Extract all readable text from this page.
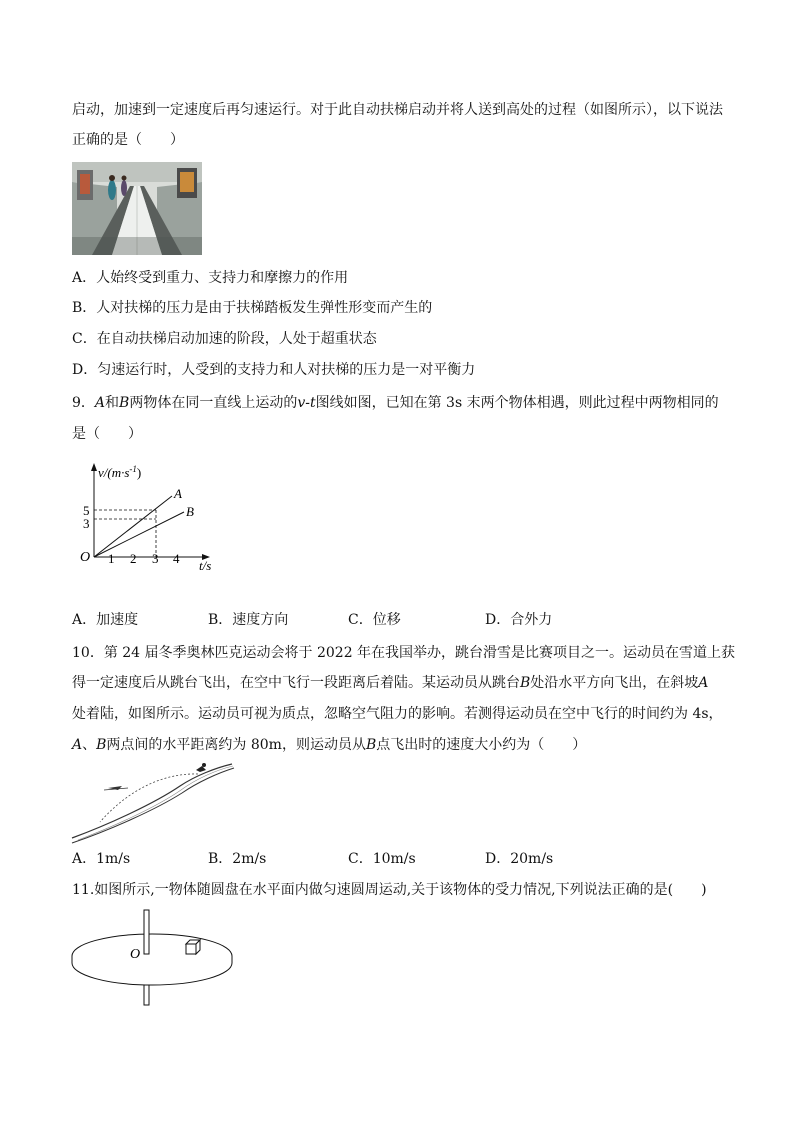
启动，加速到一定速度后再匀速运行。对于此自动扶梯启动并将人送到高处的过程（如图所示），以下说法
正确的是（　　）
A．人始终受到重力、支持力和摩擦力的作用
B．人对扶梯的压力是由于扶梯踏板发生弹性形变而产生的
C．在自动扶梯启动加速的阶段，人处于超重状态
D．匀速运行时，人受到的支持力和人对扶梯的压力是一对平衡力
9．A和B两物体在同一直线上运动的v-t图线如图，已知在第 3s 末两个物体相遇，则此过程中两物相同的
是（　　）
$v/(m\cdot s^{-1})$
t/s
O 1 2 3 4
5
3
A
B
A．加速度	B．速度方向	C．位移	D．合外力
10．第 24 届冬季奥林匹克运动会将于 2022 年在我国举办，跳台滑雪是比赛项目之一。运动员在雪道上获
得一定速度后从跳台飞出，在空中飞行一段距离后着陆。某运动员从跳台B处沿水平方向飞出，在斜坡A
处着陆，如图所示。运动员可视为质点，忽略空气阻力的影响。若测得运动员在空中飞行的时间约为 4s，
A、B两点间的水平距离约为 80m，则运动员从B点飞出时的速度大小约为（　　）
A．1m/s	B．2m/s	C．10m/s	D．20m/s
11.如图所示,一物体随圆盘在水平面内做匀速圆周运动,关于该物体的受力情况,下列说法正确的是(　　)
O
